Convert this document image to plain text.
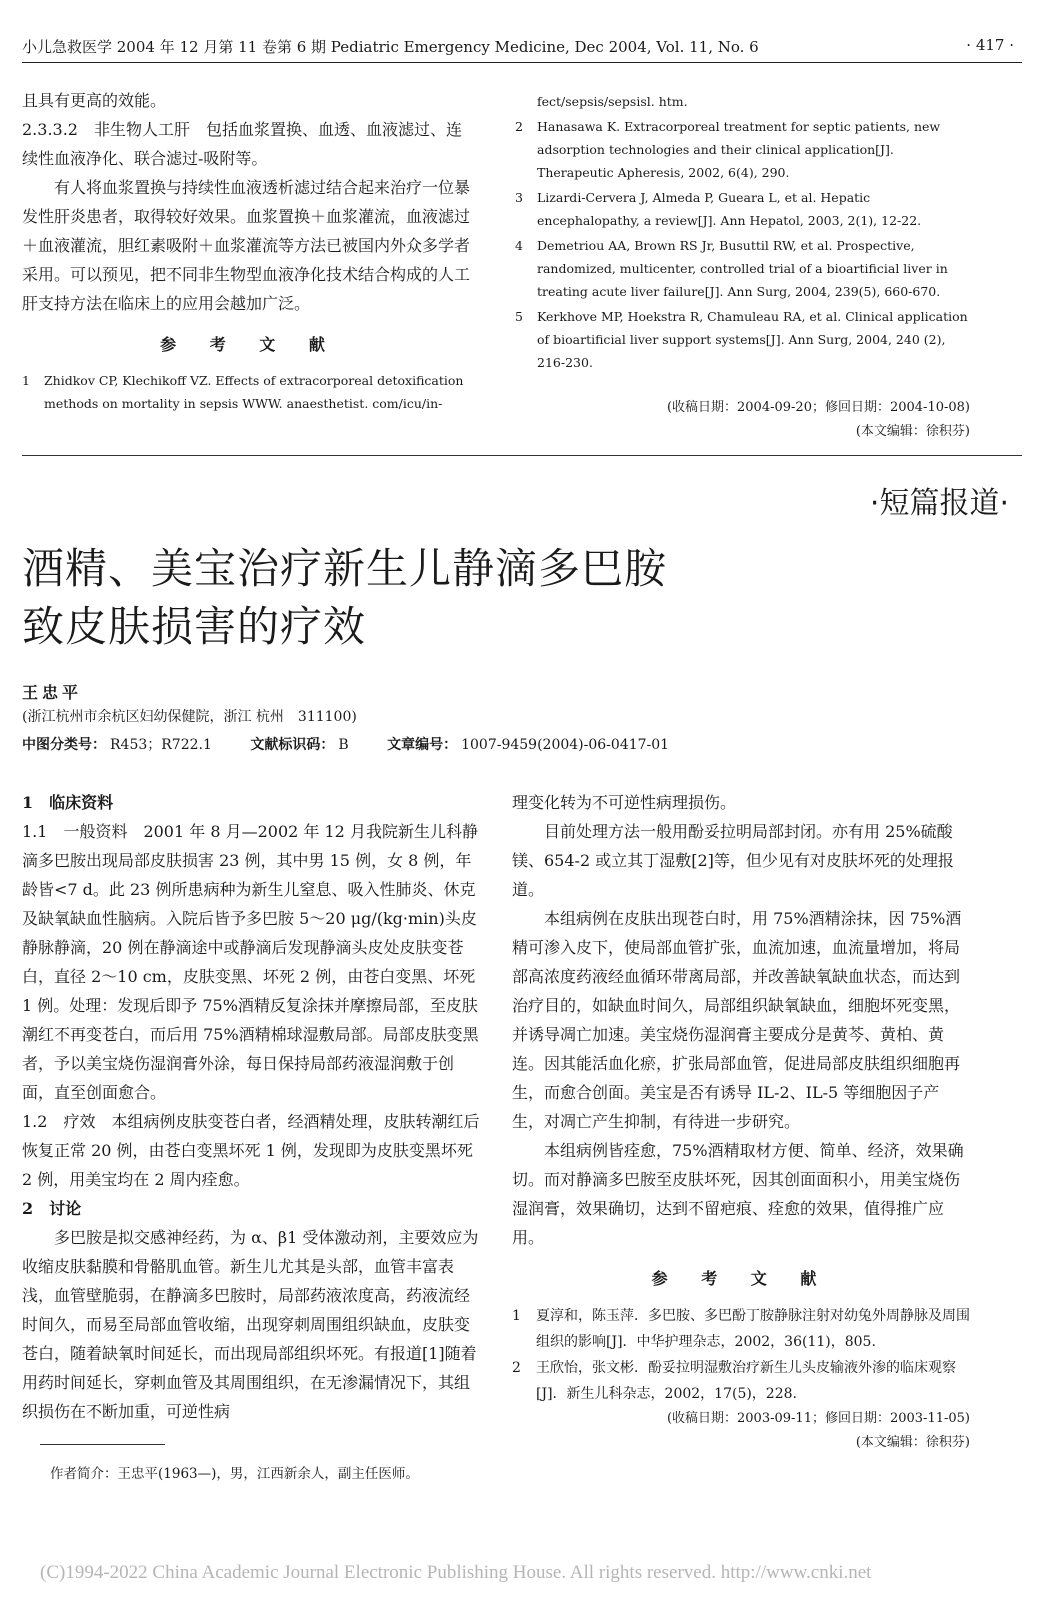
小儿急救医学 2004 年 12 月第 11 卷第 6 期 Pediatric Emergency Medicine, Dec 2004, Vol. 11, No. 6	· 417 ·

且具有更高的效能。

2.3.3.2　非生物人工肝　包括血浆置换、血透、血液滤过、连续性血液净化、联合滤过-吸附等。

有人将血浆置换与持续性血液透析滤过结合起来治疗一位暴发性肝炎患者，取得较好效果。血浆置换＋血浆灌流，血液滤过＋血液灌流，胆红素吸附＋血浆灌流等方法已被国内外众多学者采用。可以预见，把不同非生物型血液净化技术结合构成的人工肝支持方法在临床上的应用会越加广泛。

参 考 文 献

1 Zhidkov CP, Klechikoff VZ. Effects of extracorporeal detoxification methods on mortality in sepsis WWW. anaesthetist. com/icu/in-

fect/sepsis/sepsisl. htm.

2 Hanasawa K. Extracorporeal treatment for septic patients, new adsorption technologies and their clinical application[J]. Therapeutic Apheresis, 2002, 6(4), 290.

3 Lizardi-Cervera J, Almeda P, Gueara L, et al. Hepatic encephalopathy, a review[J]. Ann Hepatol, 2003, 2(1), 12-22.

4 Demetriou AA, Brown RS Jr, Busuttil RW, et al. Prospective, randomized, multicenter, controlled trial of a bioartificial liver in treating acute liver failure[J]. Ann Surg, 2004, 239(5), 660-670.

5 Kerkhove MP, Hoekstra R, Chamuleau RA, et al. Clinical application of bioartificial liver support systems[J]. Ann Surg, 2004, 240 (2), 216-230.

(收稿日期：2004-09-20；修回日期：2004-10-08)
(本文编辑：徐积芬)
·短篇报道·
酒精、美宝治疗新生儿静滴多巴胺
致皮肤损害的疗效
王忠平
(浙江杭州市余杭区妇幼保健院，浙江 杭州　311100)
中图分类号： R453；R722.1	文献标识码： B	文章编号： 1007-9459(2004)-06-0417-01

1　临床资料

1.1　一般资料　2001 年 8 月—2002 年 12 月我院新生儿科静滴多巴胺出现局部皮肤损害 23 例，其中男 15 例，女 8 例，年龄皆<7 d。此 23 例所患病种为新生儿窒息、吸入性肺炎、休克及缺氧缺血性脑病。入院后皆予多巴胺 5～20 μg/(kg·min)头皮静脉静滴，20 例在静滴途中或静滴后发现静滴头皮处皮肤变苍白，直径 2～10 cm，皮肤变黑、坏死 2 例，由苍白变黑、坏死 1 例。处理：发现后即予 75%酒精反复涂抹并摩擦局部，至皮肤潮红不再变苍白，而后用 75%酒精棉球湿敷局部。局部皮肤变黑者，予以美宝烧伤湿润膏外涂，每日保持局部药液湿润敷于创面，直至创面愈合。

1.2　疗效　本组病例皮肤变苍白者，经酒精处理，皮肤转潮红后恢复正常 20 例，由苍白变黑坏死 1 例，发现即为皮肤变黑坏死 2 例，用美宝均在 2 周内痊愈。

2　讨论

多巴胺是拟交感神经药，为 α、β1 受体激动剂，主要效应为收缩皮肤黏膜和骨骼肌血管。新生儿尤其是头部，血管丰富表浅，血管壁脆弱，在静滴多巴胺时，局部药液浓度高，药液流经时间久，而易至局部血管收缩，出现穿刺周围组织缺血，皮肤变苍白，随着缺氧时间延长，而出现局部组织坏死。有报道[1]随着用药时间延长，穿刺血管及其周围组织，在无渗漏情况下，其组织损伤在不断加重，可逆性病

理变化转为不可逆性病理损伤。

目前处理方法一般用酚妥拉明局部封闭。亦有用 25%硫酸镁、654-2 或立其丁湿敷[2]等，但少见有对皮肤坏死的处理报道。

本组病例在皮肤出现苍白时，用 75%酒精涂抹，因 75%酒精可渗入皮下，使局部血管扩张，血流加速，血流量增加，将局部高浓度药液经血循环带离局部，并改善缺氧缺血状态，而达到治疗目的，如缺血时间久，局部组织缺氧缺血，细胞坏死变黑，并诱导凋亡加速。美宝烧伤湿润膏主要成分是黄芩、黄柏、黄连。因其能活血化瘀，扩张局部血管，促进局部皮肤组织细胞再生，而愈合创面。美宝是否有诱导 IL-2、IL-5 等细胞因子产生，对凋亡产生抑制，有待进一步研究。

本组病例皆痊愈，75%酒精取材方便、简单、经济，效果确切。而对静滴多巴胺至皮肤坏死，因其创面面积小，用美宝烧伤湿润膏，效果确切，达到不留疤痕、痊愈的效果，值得推广应用。

参 考 文 献

1 夏淳和，陈玉萍．多巴胺、多巴酚丁胺静脉注射对幼兔外周静脉及周围组织的影响[J]．中华护理杂志，2002，36(11)，805.

2 王欣怡，张文彬．酚妥拉明湿敷治疗新生儿头皮输液外渗的临床观察[J]．新生儿科杂志，2002，17(5)，228.

(收稿日期：2003-09-11；修回日期：2003-11-05)
(本文编辑：徐积芬)
作者简介：王忠平(1963—)，男，江西新余人，副主任医师。
(C)1994-2022 China Academic Journal Electronic Publishing House. All rights reserved. http://www.cnki.net
